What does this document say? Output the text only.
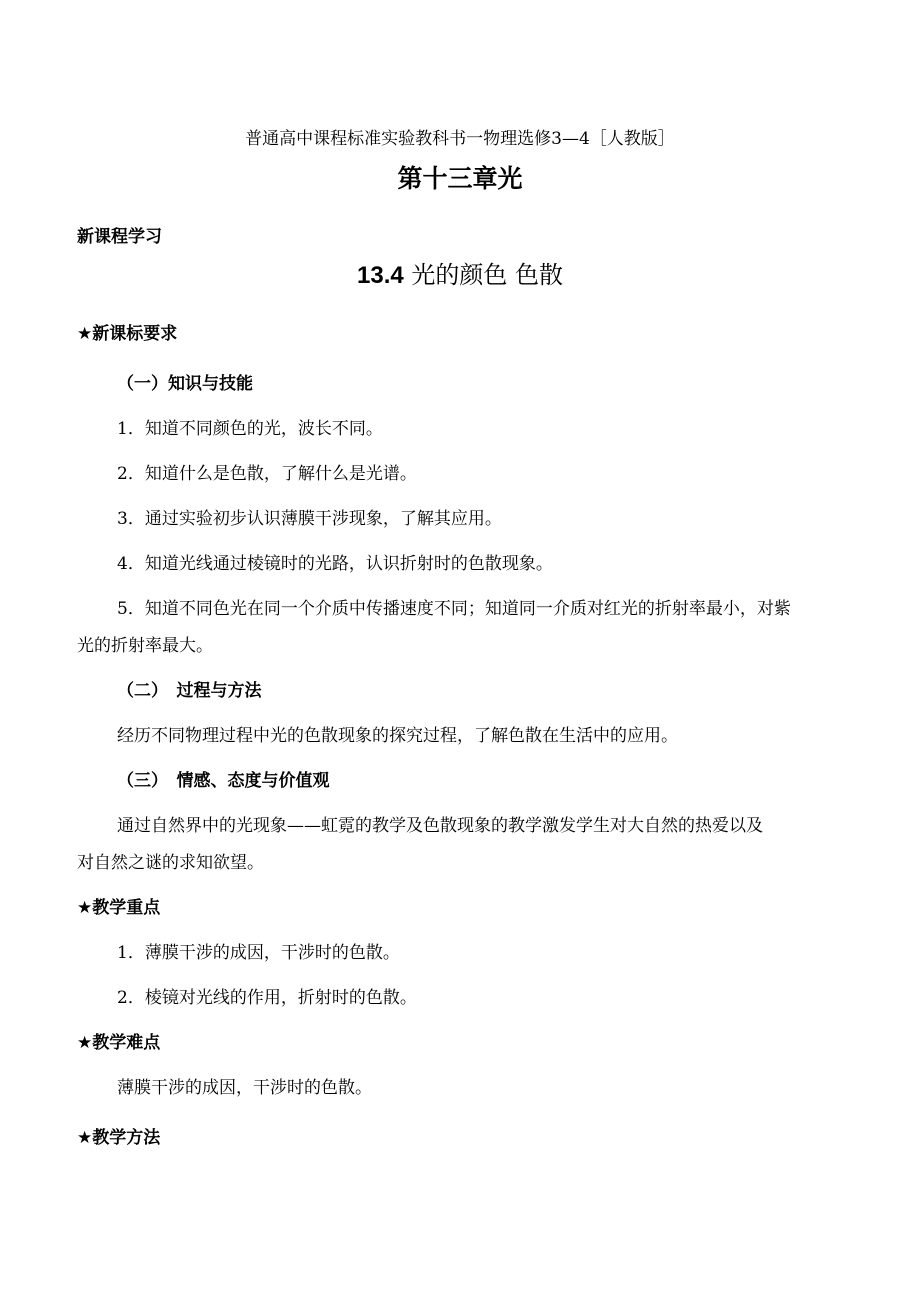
普通高中课程标准实验教科书一物理选修3—4［人教版］
第十三章光
新课程学习
13.4 光的颜色 色散
★新课标要求
（一）知识与技能
1．知道不同颜色的光，波长不同。
2．知道什么是色散，了解什么是光谱。
3．通过实验初步认识薄膜干涉现象，了解其应用。
4．知道光线通过棱镜时的光路，认识折射时的色散现象。
5．知道不同色光在同一个介质中传播速度不同；知道同一介质对红光的折射率最小，对紫
光的折射率最大。
（二）　过程与方法
经历不同物理过程中光的色散现象的探究过程，了解色散在生活中的应用。
（三）　情感、态度与价值观
通过自然界中的光现象——虹霓的教学及色散现象的教学激发学生对大自然的热爱以及
对自然之谜的求知欲望。
★教学重点
1．薄膜干涉的成因，干涉时的色散。
2．棱镜对光线的作用，折射时的色散。
★教学难点
薄膜干涉的成因，干涉时的色散。
★教学方法
